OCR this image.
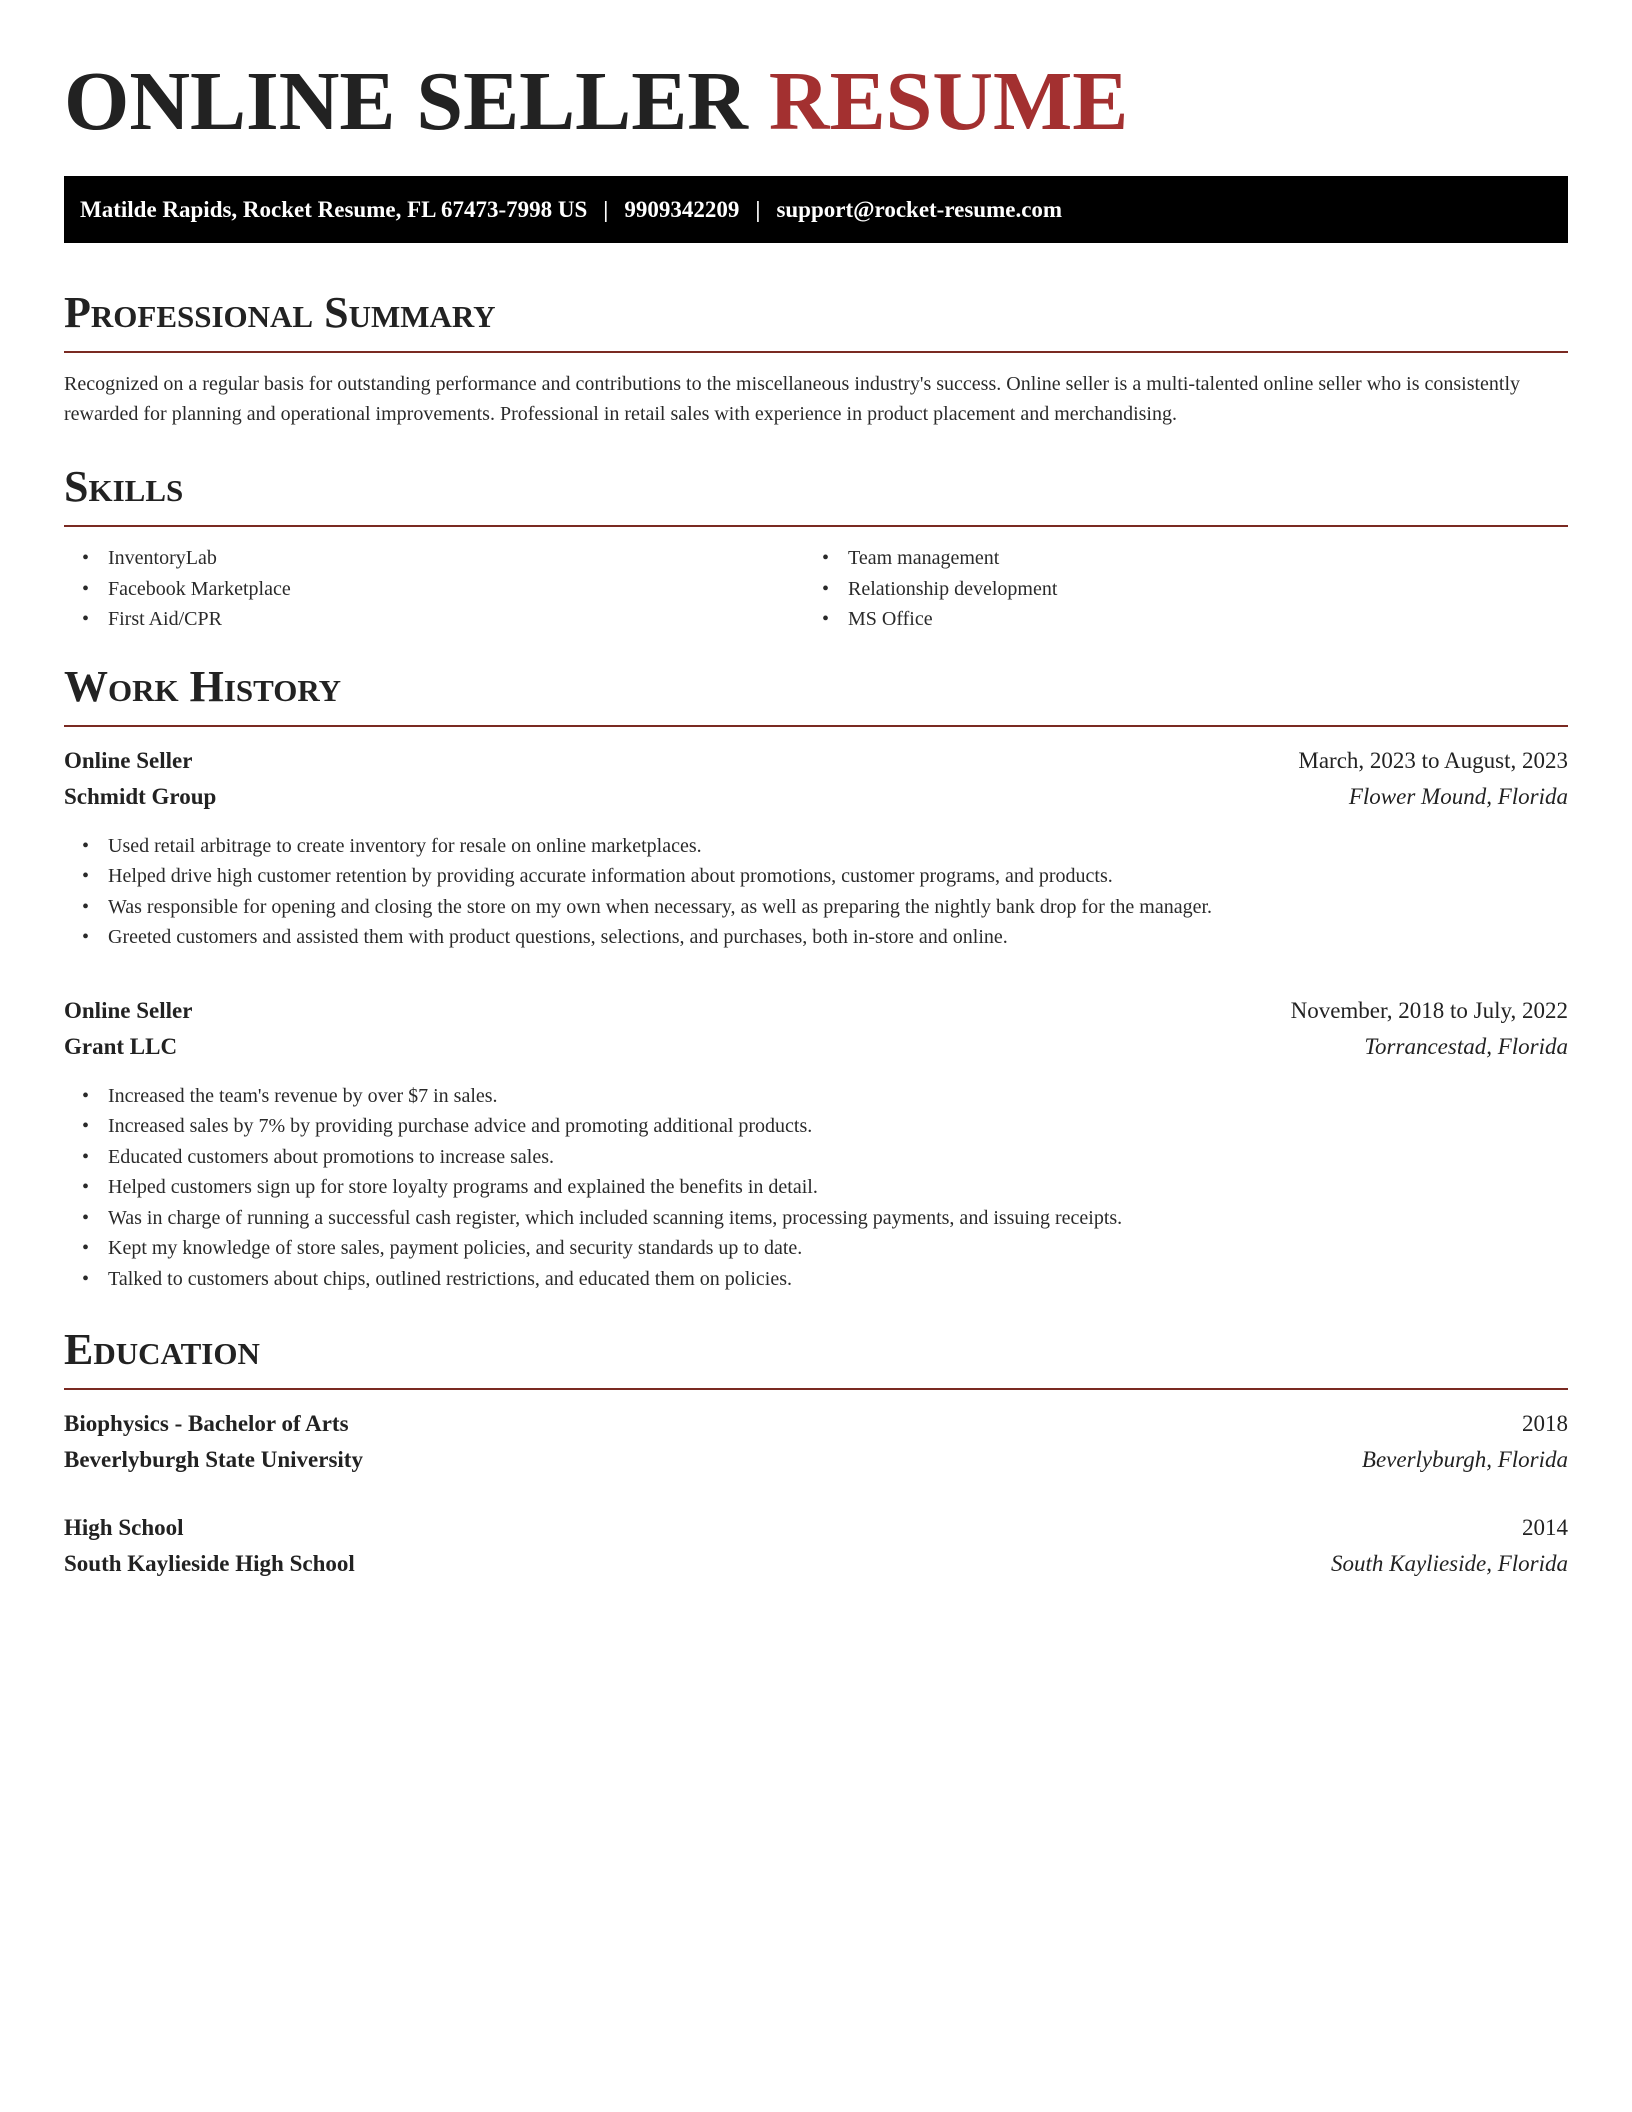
ONLINE SELLER RESUME
Matilde Rapids, Rocket Resume, FL 67473-7998 US | 9909342209 | support@rocket-resume.com
Professional Summary
Recognized on a regular basis for outstanding performance and contributions to the miscellaneous industry's success. Online seller is a multi-talented online seller who is consistently rewarded for planning and operational improvements. Professional in retail sales with experience in product placement and merchandising.
Skills
• InventoryLab
• Facebook Marketplace
• First Aid/CPR
• Team management
• Relationship development
• MS Office
Work History
Online Seller	March, 2023 to August, 2023
Schmidt Group	Flower Mound, Florida
• Used retail arbitrage to create inventory for resale on online marketplaces.
• Helped drive high customer retention by providing accurate information about promotions, customer programs, and products.
• Was responsible for opening and closing the store on my own when necessary, as well as preparing the nightly bank drop for the manager.
• Greeted customers and assisted them with product questions, selections, and purchases, both in-store and online.
Online Seller	November, 2018 to July, 2022
Grant LLC	Torrancestad, Florida
• Increased the team's revenue by over $7 in sales.
• Increased sales by 7% by providing purchase advice and promoting additional products.
• Educated customers about promotions to increase sales.
• Helped customers sign up for store loyalty programs and explained the benefits in detail.
• Was in charge of running a successful cash register, which included scanning items, processing payments, and issuing receipts.
• Kept my knowledge of store sales, payment policies, and security standards up to date.
• Talked to customers about chips, outlined restrictions, and educated them on policies.
Education
Biophysics - Bachelor of Arts	2018
Beverlyburgh State University	Beverlyburgh, Florida
High School	2014
South Kaylieside High School	South Kaylieside, Florida
